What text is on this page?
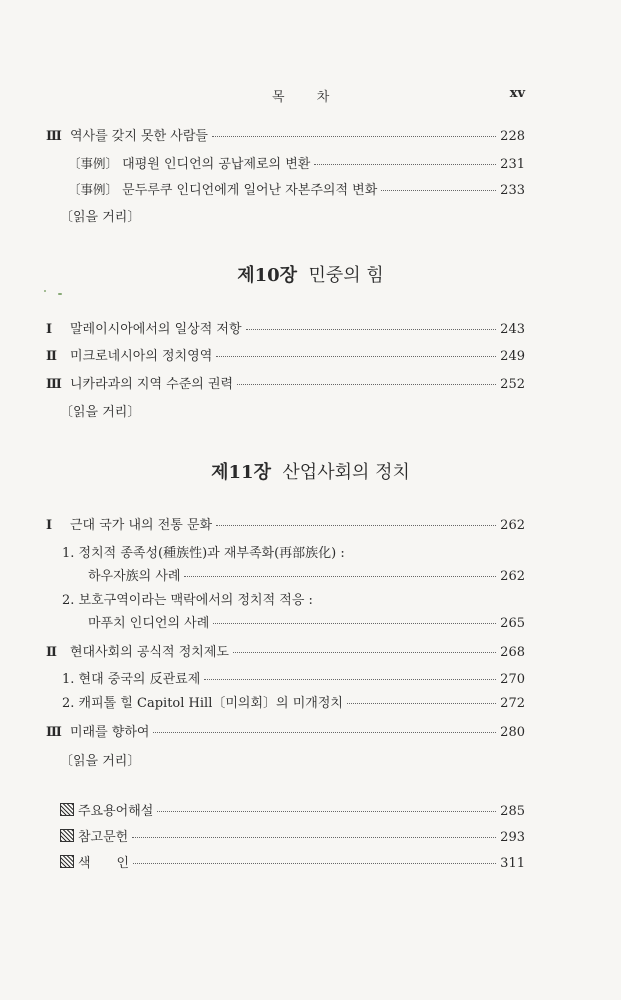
목 차	xv
Ⅲ 역사를 갖지 못한 사람들	228
〔事例〕 대평원 인디언의 공납제로의 변환	231
〔事例〕 문두루쿠 인디언에게 일어난 자본주의적 변화	233
〔읽을 거리〕
제10장 민중의 힘
Ⅰ 말레이시아에서의 일상적 저항	243
Ⅱ 미크로네시아의 정치영역	249
Ⅲ 니카라과의 지역 수준의 권력	252
〔읽을 거리〕
제11장 산업사회의 정치
Ⅰ 근대 국가 내의 전통 문화	262
1. 정치적 종족성(種族性)과 재부족화(再部族化) :
하우자族의 사례	262
2. 보호구역이라는 맥락에서의 정치적 적응 :
마푸치 인디언의 사례	265
Ⅱ 현대사회의 공식적 정치제도	268
1. 현대 중국의 反관료제	270
2. 캐피톨 힐 Capitol Hill〔미의회〕의 미개정치	272
Ⅲ 미래를 향하여	280
〔읽을 거리〕
주요용어해설	285
참고문헌	293
색　　인	311
